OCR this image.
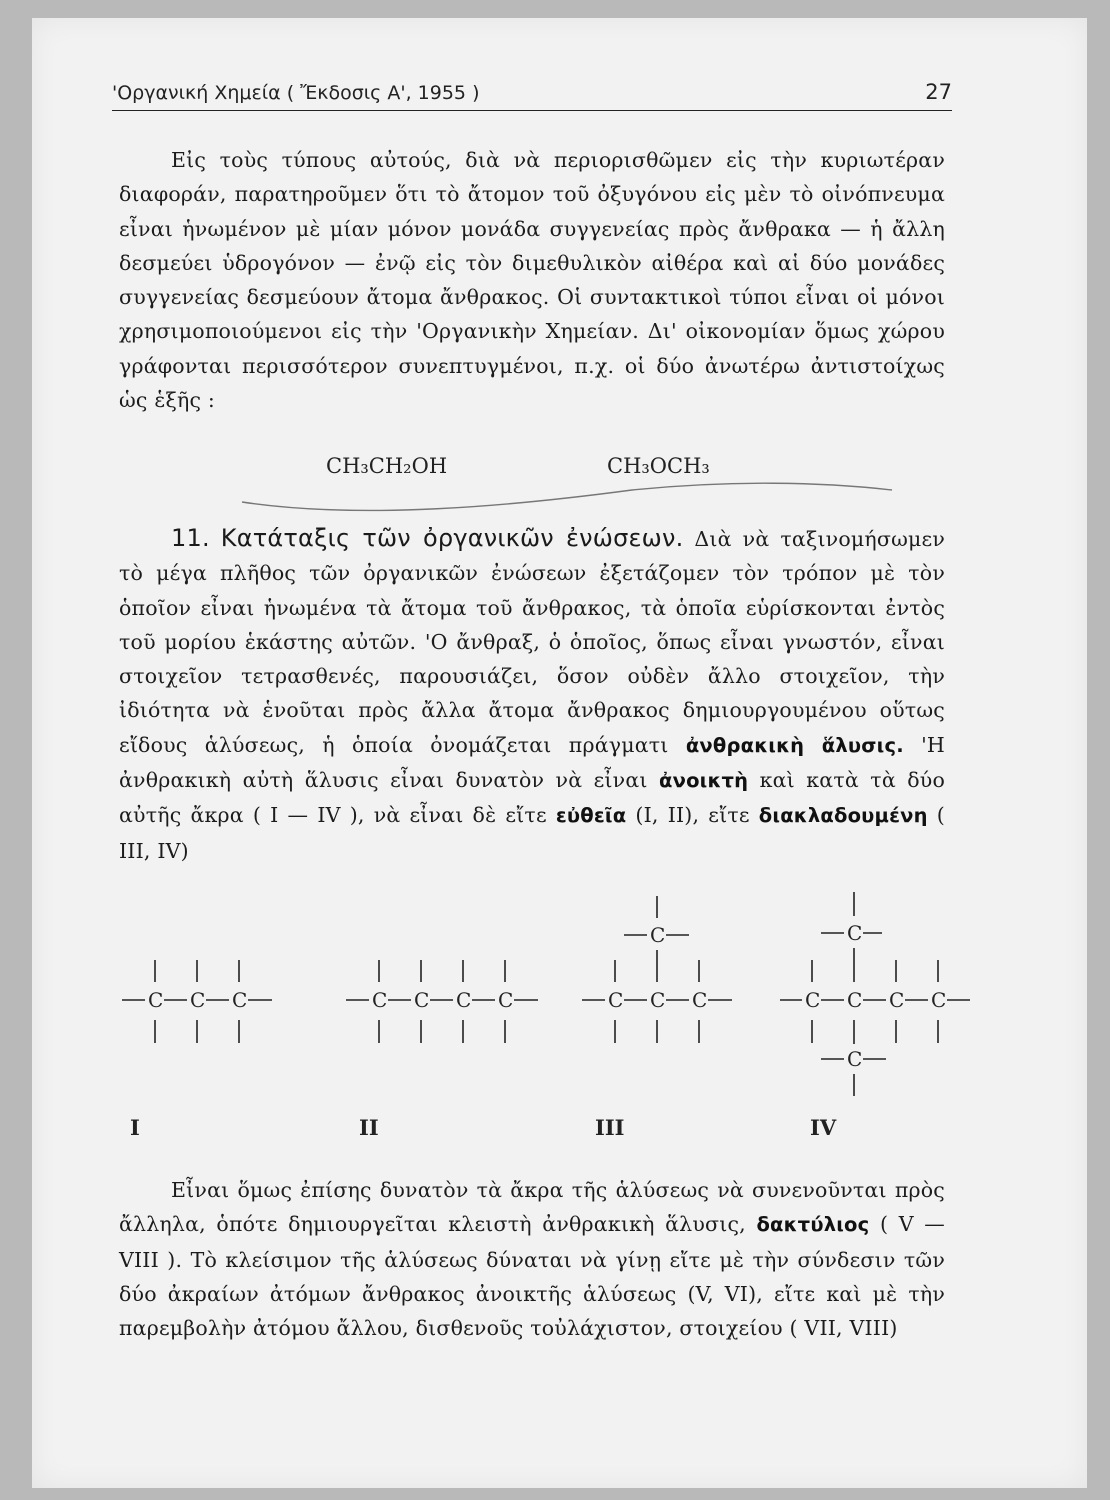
'Οργανική Χημεία ( Ἔκδοσις Α', 1955 )	27

Εἰς τοὺς τύπους αὐτούς, διὰ νὰ περιορισθῶμεν εἰς τὴν κυριωτέραν διαφοράν, παρατηροῦμεν ὅτι τὸ ἄτομον τοῦ ὀξυγόνου εἰς μὲν τὸ οἰνόπνευμα εἶναι ἡνωμένον μὲ μίαν μόνον μονάδα συγγενείας πρὸς ἄνθρακα — ἡ ἄλλη δεσμεύει ὑδρογόνον — ἐνῷ εἰς τὸν διμεθυλικὸν αἰθέρα καὶ αἱ δύο μονάδες συγγενείας δεσμεύουν ἄτομα ἄνθρακος. Οἱ συντακτικοὶ τύποι εἶναι οἱ μόνοι χρησιμοποιούμενοι εἰς τὴν 'Οργανικὴν Χημείαν. Δι' οἰκονομίαν ὅμως χώρου γράφονται περισσότερον συνεπτυγμένοι, π.χ. οἱ δύο ἀνωτέρω ἀντιστοίχως ὡς ἑξῆς :

CH₃CH₂OH	CH₃OCH₃

11. Κατάταξις τῶν ὀργανικῶν ἐνώσεων. Διὰ νὰ ταξινομήσωμεν τὸ μέγα πλῆθος τῶν ὀργανικῶν ἐνώσεων ἐξετάζομεν τὸν τρόπον μὲ τὸν ὁποῖον εἶναι ἡνωμένα τὰ ἄτομα τοῦ ἄνθρακος, τὰ ὁποῖα εὑρίσκονται ἐντὸς τοῦ μορίου ἑκάστης αὐτῶν. 'Ο ἄνθραξ, ὁ ὁποῖος, ὅπως εἶναι γνωστόν, εἶναι στοιχεῖον τετρασθενές, παρουσιάζει, ὅσον οὐδὲν ἄλλο στοιχεῖον, τὴν ἰδιότητα νὰ ἑνοῦται πρὸς ἄλλα ἄτομα ἄνθρακος δημιουργουμένου οὕτως εἴδους ἁλύσεως, ἡ ὁποία ὀνομάζεται πράγματι ἀνθρακικὴ ἅλυσις. 'Η ἀνθρακικὴ αὐτὴ ἅλυσις εἶναι δυνατὸν νὰ εἶναι ἀνοικτὴ καὶ κατὰ τὰ δύο αὐτῆς ἄκρα ( I — IV ), νὰ εἶναι δὲ εἴτε εὐθεῖα (I, II), εἴτε διακλαδουμένη ( III, IV)

C C C	C C C C	C C C
C
C C C C
C
C
I	II	III	IV

Εἶναι ὅμως ἐπίσης δυνατὸν τὰ ἄκρα τῆς ἁλύσεως νὰ συνενοῦνται πρὸς ἄλληλα, ὁπότε δημιουργεῖται κλειστὴ ἀνθρακικὴ ἅλυσις, δακτύλιος ( V — VIII ). Τὸ κλείσιμον τῆς ἁλύσεως δύναται νὰ γίνῃ εἴτε μὲ τὴν σύνδεσιν τῶν δύο ἀκραίων ἀτόμων ἄνθρακος ἀνοικτῆς ἁλύσεως (V, VI), εἴτε καὶ μὲ τὴν παρεμβολὴν ἀτόμου ἄλλου, δισθενοῦς τοὐλάχιστον, στοιχείου ( VII, VIII)
